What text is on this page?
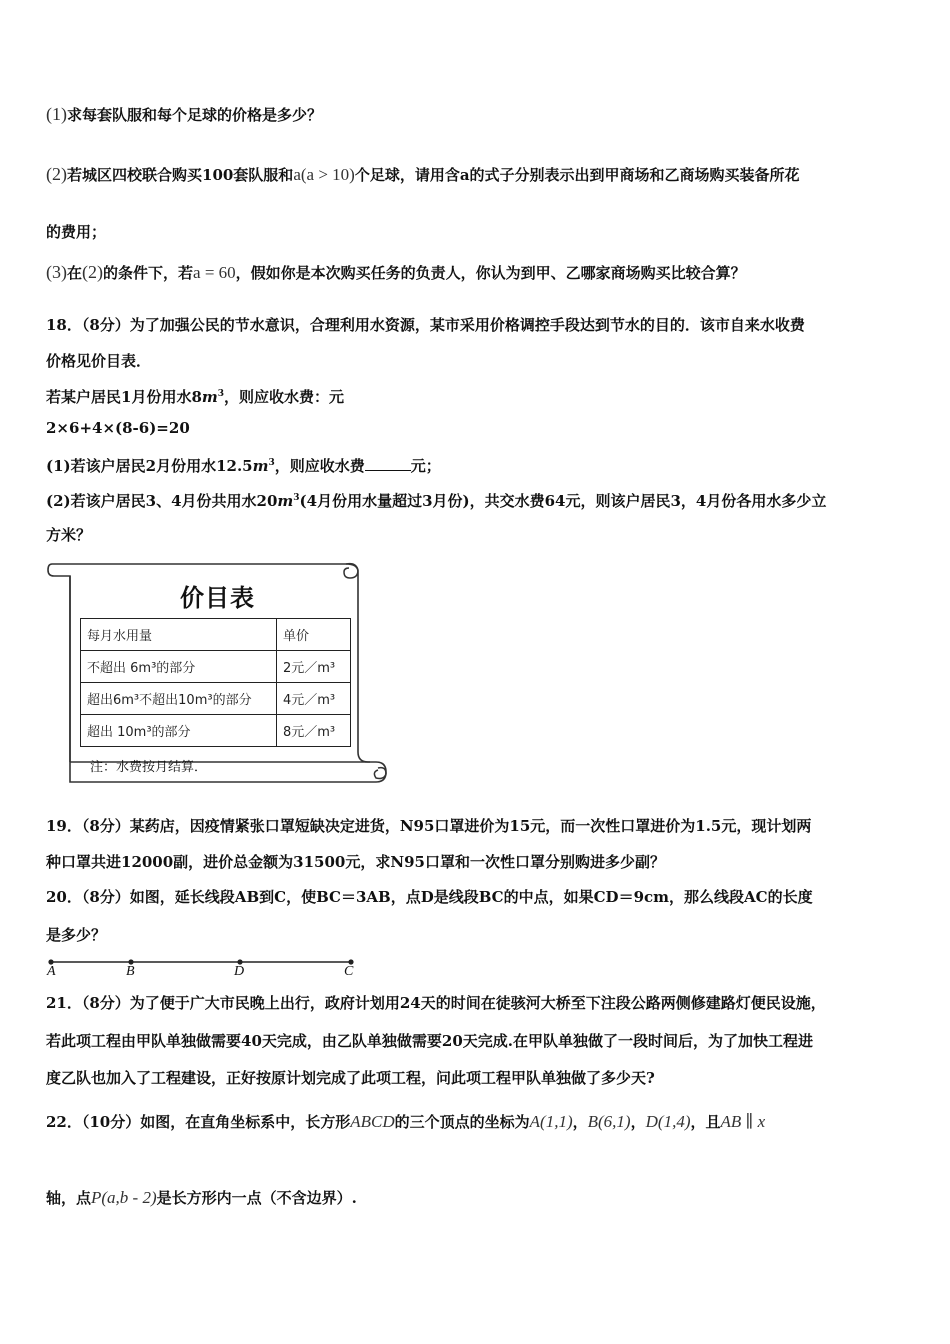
(1)求每套队服和每个足球的价格是多少？
(2)若城区四校联合购买100套队服和a(a > 10)个足球，请用含a的式子分别表示出到甲商场和乙商场购买装备所花
的费用；
(3)在(2)的条件下，若a = 60，假如你是本次购买任务的负责人，你认为到甲、乙哪家商场购买比较合算？
18．（8分）为了加强公民的节水意识，合理利用水资源，某市采用价格调控手段达到节水的目的．该市自来水收费
价格见价目表．
若某户居民1月份用水$8m^3$，则应收水费：元
2×6+4×(8-6)=20
(1)若该户居民2月份用水$12.5m^3$，则应收水费	元；
(2)若该户居民3、4月份共用水$20m^3(4$月份用水量超过3月份)，共交水费64元，则该户居民3，4月份各用水多少立
方米？
价目表
每月水用量	单价
不超出 6m³的部分	2元／m³
超出6m³不超出10m³的部分	4元／m³
超出 10m³的部分	8元／m³
注：水费按月结算．
19．（8分）某药店，因疫情紧张口罩短缺决定进货，N95口罩进价为15元，而一次性口罩进价为1.5元，现计划两
种口罩共进12000副，进价总金额为31500元，求N95口罩和一次性口罩分别购进多少副？
20．（8分）如图，延长线段AB到C，使BC＝3AB，点D是线段BC的中点，如果CD＝9cm，那么线段AC的长度
是多少？
A	B	D	C
21．（8分）为了便于广大市民晚上出行，政府计划用24天的时间在徒骇河大桥至下注段公路两侧修建路灯便民设施，
若此项工程由甲队单独做需要40天完成，由乙队单独做需要20天完成.在甲队单独做了一段时间后，为了加快工程进
度乙队也加入了工程建设，正好按原计划完成了此项工程，问此项工程甲队单独做了多少天?
22．（10分）如图，在直角坐标系中，长方形ABCD的三个顶点的坐标为A(1,1)，B(6,1)，D(1,4)，且AB ∥ x
轴，点P(a,b - 2)是长方形内一点（不含边界）.
